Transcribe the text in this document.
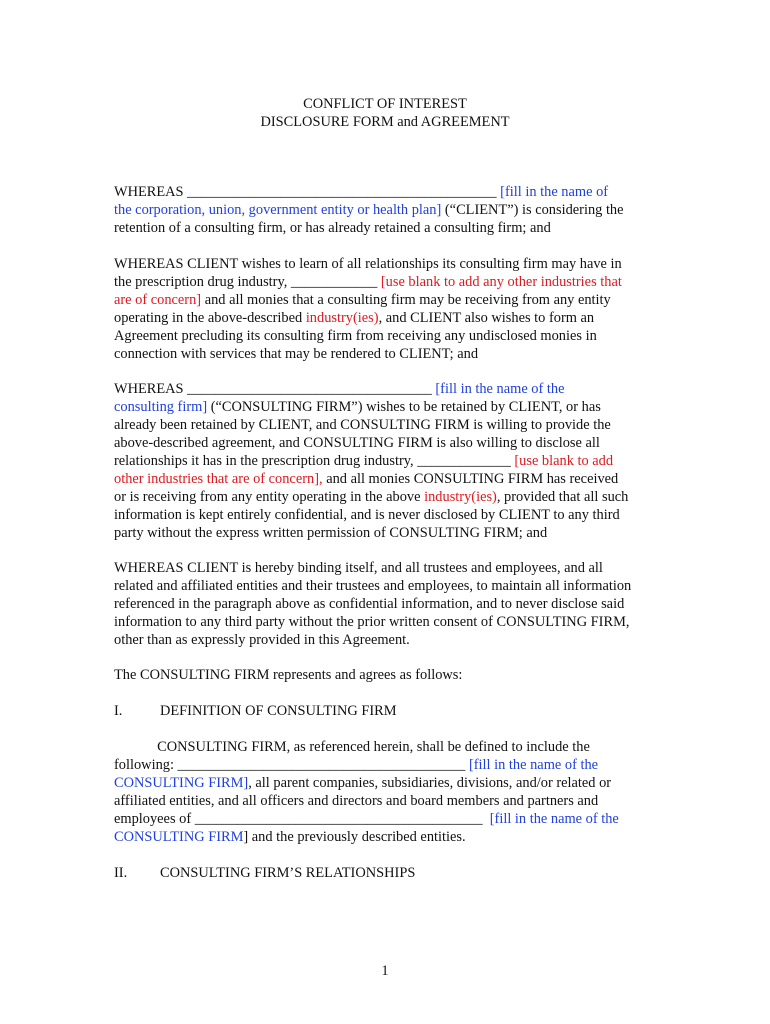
CONFLICT OF INTEREST
DISCLOSURE FORM and AGREEMENT
WHEREAS ___________________________________________ [fill in the name of
the corporation, union, government entity or health plan] (“CLIENT”) is considering the
retention of a consulting firm, or has already retained a consulting firm; and
WHEREAS CLIENT wishes to learn of all relationships its consulting firm may have in
the prescription drug industry, ____________ [use blank to add any other industries that
are of concern] and all monies that a consulting firm may be receiving from any entity
operating in the above-described industry(ies), and CLIENT also wishes to form an
Agreement precluding its consulting firm from receiving any undisclosed monies in
connection with services that may be rendered to CLIENT; and
WHEREAS __________________________________ [fill in the name of the
consulting firm] (“CONSULTING FIRM”) wishes to be retained by CLIENT, or has
already been retained by CLIENT, and CONSULTING FIRM is willing to provide the
above-described agreement, and CONSULTING FIRM is also willing to disclose all
relationships it has in the prescription drug industry, _____________ [use blank to add
other industries that are of concern], and all monies CONSULTING FIRM has received
or is receiving from any entity operating in the above industry(ies), provided that all such
information is kept entirely confidential, and is never disclosed by CLIENT to any third
party without the express written permission of CONSULTING FIRM; and
WHEREAS CLIENT is hereby binding itself, and all trustees and employees, and all
related and affiliated entities and their trustees and employees, to maintain all information
referenced in the paragraph above as confidential information, and to never disclose said
information to any third party without the prior written consent of CONSULTING FIRM,
other than as expressly provided in this Agreement.
The CONSULTING FIRM represents and agrees as follows:
I.	DEFINITION OF CONSULTING FIRM
CONSULTING FIRM, as referenced herein, shall be defined to include the
following: ________________________________________ [fill in the name of the
CONSULTING FIRM], all parent companies, subsidiaries, divisions, and/or related or
affiliated entities, and all officers and directors and board members and partners and
employees of ________________________________________  [fill in the name of the
CONSULTING FIRM] and the previously described entities.
II. CONSULTING FIRM’S RELATIONSHIPS
1
